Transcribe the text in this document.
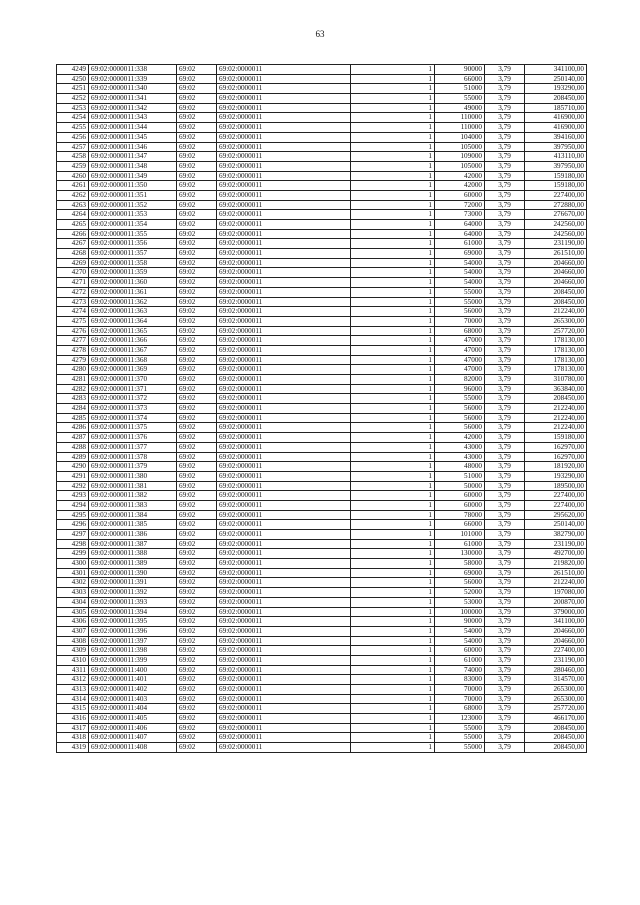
63
4249	69:02:0000011:338	69:02	69:02:0000011	1	90000	3,79	341100,00
4250	69:02:0000011:339	69:02	69:02:0000011	1	66000	3,79	250140,00
4251	69:02:0000011:340	69:02	69:02:0000011	1	51000	3,79	193290,00
4252	69:02:0000011:341	69:02	69:02:0000011	1	55000	3,79	208450,00
4253	69:02:0000011:342	69:02	69:02:0000011	1	49000	3,79	185710,00
4254	69:02:0000011:343	69:02	69:02:0000011	1	110000	3,79	416900,00
4255	69:02:0000011:344	69:02	69:02:0000011	1	110000	3,79	416900,00
4256	69:02:0000011:345	69:02	69:02:0000011	1	104000	3,79	394160,00
4257	69:02:0000011:346	69:02	69:02:0000011	1	105000	3,79	397950,00
4258	69:02:0000011:347	69:02	69:02:0000011	1	109000	3,79	413110,00
4259	69:02:0000011:348	69:02	69:02:0000011	1	105000	3,79	397950,00
4260	69:02:0000011:349	69:02	69:02:0000011	1	42000	3,79	159180,00
4261	69:02:0000011:350	69:02	69:02:0000011	1	42000	3,79	159180,00
4262	69:02:0000011:351	69:02	69:02:0000011	1	60000	3,79	227400,00
4263	69:02:0000011:352	69:02	69:02:0000011	1	72000	3,79	272880,00
4264	69:02:0000011:353	69:02	69:02:0000011	1	73000	3,79	276670,00
4265	69:02:0000011:354	69:02	69:02:0000011	1	64000	3,79	242560,00
4266	69:02:0000011:355	69:02	69:02:0000011	1	64000	3,79	242560,00
4267	69:02:0000011:356	69:02	69:02:0000011	1	61000	3,79	231190,00
4268	69:02:0000011:357	69:02	69:02:0000011	1	69000	3,79	261510,00
4269	69:02:0000011:358	69:02	69:02:0000011	1	54000	3,79	204660,00
4270	69:02:0000011:359	69:02	69:02:0000011	1	54000	3,79	204660,00
4271	69:02:0000011:360	69:02	69:02:0000011	1	54000	3,79	204660,00
4272	69:02:0000011:361	69:02	69:02:0000011	1	55000	3,79	208450,00
4273	69:02:0000011:362	69:02	69:02:0000011	1	55000	3,79	208450,00
4274	69:02:0000011:363	69:02	69:02:0000011	1	56000	3,79	212240,00
4275	69:02:0000011:364	69:02	69:02:0000011	1	70000	3,79	265300,00
4276	69:02:0000011:365	69:02	69:02:0000011	1	68000	3,79	257720,00
4277	69:02:0000011:366	69:02	69:02:0000011	1	47000	3,79	178130,00
4278	69:02:0000011:367	69:02	69:02:0000011	1	47000	3,79	178130,00
4279	69:02:0000011:368	69:02	69:02:0000011	1	47000	3,79	178130,00
4280	69:02:0000011:369	69:02	69:02:0000011	1	47000	3,79	178130,00
4281	69:02:0000011:370	69:02	69:02:0000011	1	82000	3,79	310780,00
4282	69:02:0000011:371	69:02	69:02:0000011	1	96000	3,79	363840,00
4283	69:02:0000011:372	69:02	69:02:0000011	1	55000	3,79	208450,00
4284	69:02:0000011:373	69:02	69:02:0000011	1	56000	3,79	212240,00
4285	69:02:0000011:374	69:02	69:02:0000011	1	56000	3,79	212240,00
4286	69:02:0000011:375	69:02	69:02:0000011	1	56000	3,79	212240,00
4287	69:02:0000011:376	69:02	69:02:0000011	1	42000	3,79	159180,00
4288	69:02:0000011:377	69:02	69:02:0000011	1	43000	3,79	162970,00
4289	69:02:0000011:378	69:02	69:02:0000011	1	43000	3,79	162970,00
4290	69:02:0000011:379	69:02	69:02:0000011	1	48000	3,79	181920,00
4291	69:02:0000011:380	69:02	69:02:0000011	1	51000	3,79	193290,00
4292	69:02:0000011:381	69:02	69:02:0000011	1	50000	3,79	189500,00
4293	69:02:0000011:382	69:02	69:02:0000011	1	60000	3,79	227400,00
4294	69:02:0000011:383	69:02	69:02:0000011	1	60000	3,79	227400,00
4295	69:02:0000011:384	69:02	69:02:0000011	1	78000	3,79	295620,00
4296	69:02:0000011:385	69:02	69:02:0000011	1	66000	3,79	250140,00
4297	69:02:0000011:386	69:02	69:02:0000011	1	101000	3,79	382790,00
4298	69:02:0000011:387	69:02	69:02:0000011	1	61000	3,79	231190,00
4299	69:02:0000011:388	69:02	69:02:0000011	1	130000	3,79	492700,00
4300	69:02:0000011:389	69:02	69:02:0000011	1	58000	3,79	219820,00
4301	69:02:0000011:390	69:02	69:02:0000011	1	69000	3,79	261510,00
4302	69:02:0000011:391	69:02	69:02:0000011	1	56000	3,79	212240,00
4303	69:02:0000011:392	69:02	69:02:0000011	1	52000	3,79	197080,00
4304	69:02:0000011:393	69:02	69:02:0000011	1	53000	3,79	200870,00
4305	69:02:0000011:394	69:02	69:02:0000011	1	100000	3,79	379000,00
4306	69:02:0000011:395	69:02	69:02:0000011	1	90000	3,79	341100,00
4307	69:02:0000011:396	69:02	69:02:0000011	1	54000	3,79	204660,00
4308	69:02:0000011:397	69:02	69:02:0000011	1	54000	3,79	204660,00
4309	69:02:0000011:398	69:02	69:02:0000011	1	60000	3,79	227400,00
4310	69:02:0000011:399	69:02	69:02:0000011	1	61000	3,79	231190,00
4311	69:02:0000011:400	69:02	69:02:0000011	1	74000	3,79	280460,00
4312	69:02:0000011:401	69:02	69:02:0000011	1	83000	3,79	314570,00
4313	69:02:0000011:402	69:02	69:02:0000011	1	70000	3,79	265300,00
4314	69:02:0000011:403	69:02	69:02:0000011	1	70000	3,79	265300,00
4315	69:02:0000011:404	69:02	69:02:0000011	1	68000	3,79	257720,00
4316	69:02:0000011:405	69:02	69:02:0000011	1	123000	3,79	466170,00
4317	69:02:0000011:406	69:02	69:02:0000011	1	55000	3,79	208450,00
4318	69:02:0000011:407	69:02	69:02:0000011	1	55000	3,79	208450,00
4319	69:02:0000011:408	69:02	69:02:0000011	1	55000	3,79	208450,00
